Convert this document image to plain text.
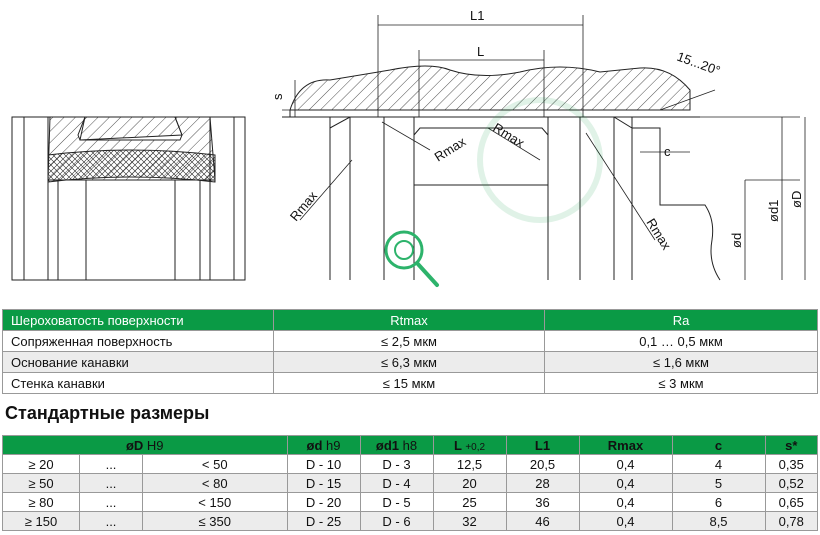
L1
L	15...20°
s
c
Rmax
Rmax Rmax
Rmax
ød1
øD
ød
Шероховатость поверхности	Rtmax	Ra
Сопряженная поверхность	≤ 2,5 мкм	0,1 … 0,5 мкм
Основание канавки	≤ 6,3 мкм	≤ 1,6 мкм
Стенка канавки	≤ 15 мкм	≤ 3 мкм
Стандартные размеры
øD H9			ød h9	ød1 h8	L +0,2	L1	Rmax	c	s*
≥ 20	...	< 50	D - 10	D - 3	12,5	20,5	0,4	4	0,35
≥ 50	...	< 80	D - 15	D - 4	20	28	0,4	5	0,52
≥ 80	...	< 150	D - 20	D - 5	25	36	0,4	6	0,65
≥ 150	...	≤ 350	D - 25	D - 6	32	46	0,4	8,5	0,78
